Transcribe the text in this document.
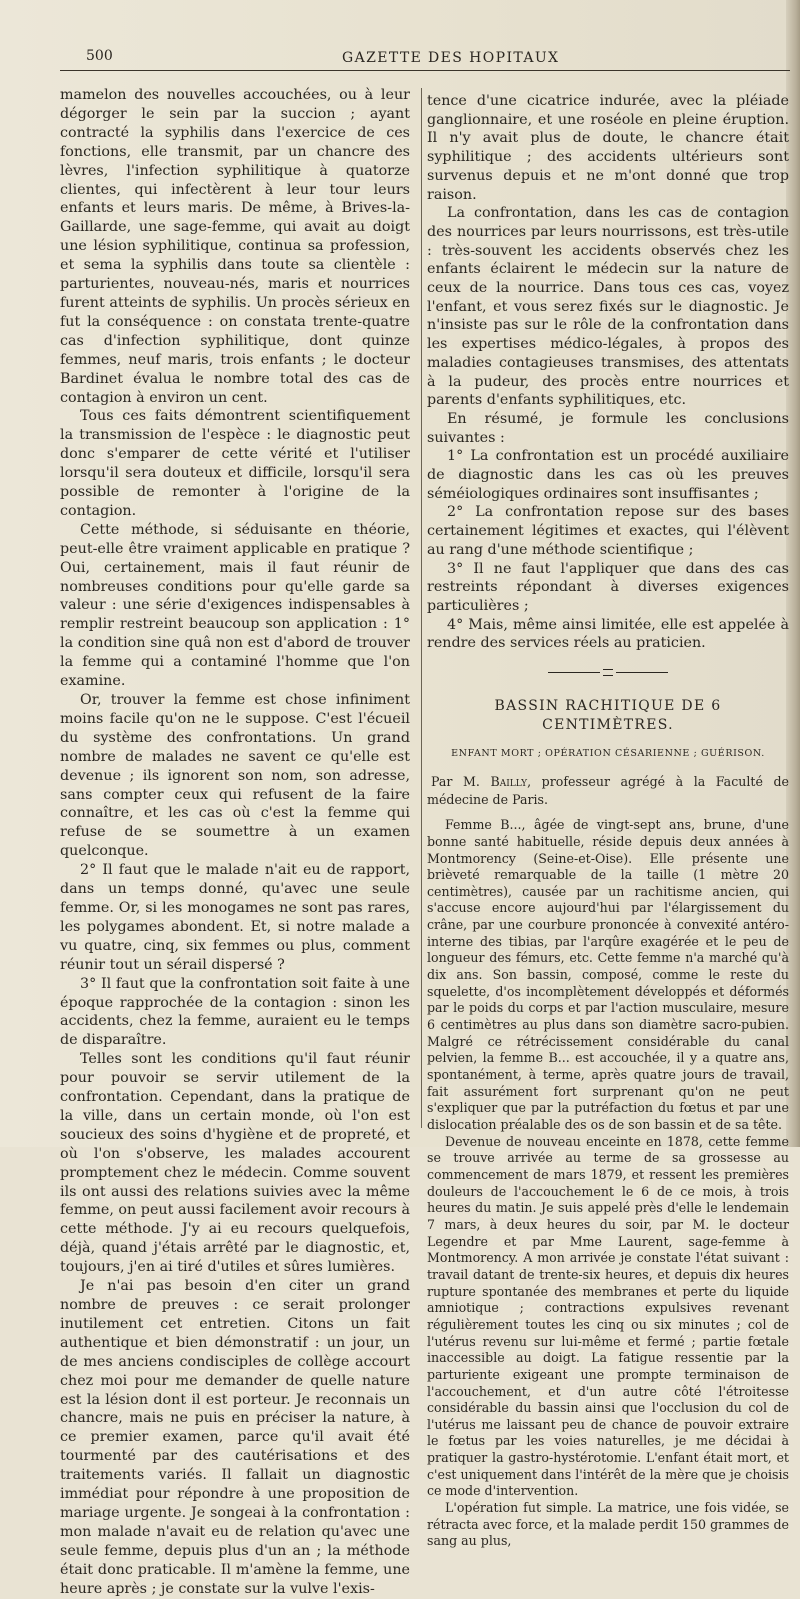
500	GAZETTE DES HOPITAUX

mamelon des nouvelles accouchées, ou à leur dégorger le sein par la succion ; ayant contracté la syphilis dans l'exercice de ces fonctions, elle transmit, par un chancre des lèvres, l'infection syphilitique à quatorze clientes, qui infectèrent à leur tour leurs enfants et leurs maris. De même, à Brives-la-Gaillarde, une sage-femme, qui avait au doigt une lésion syphilitique, continua sa profession, et sema la syphilis dans toute sa clientèle : parturientes, nouveau-nés, maris et nourrices furent atteints de syphilis. Un procès sérieux en fut la conséquence : on constata trente-quatre cas d'infection syphilitique, dont quinze femmes, neuf maris, trois enfants ; le docteur Bardinet évalua le nombre total des cas de contagion à environ un cent.

Tous ces faits démontrent scientifiquement la transmission de l'espèce : le diagnostic peut donc s'emparer de cette vérité et l'utiliser lorsqu'il sera douteux et difficile, lorsqu'il sera possible de remonter à l'origine de la contagion.

Cette méthode, si séduisante en théorie, peut-elle être vraiment applicable en pratique ? Oui, certainement, mais il faut réunir de nombreuses conditions pour qu'elle garde sa valeur : une série d'exigences indispensables à remplir restreint beaucoup son application : 1° la condition sine quâ non est d'abord de trouver la femme qui a contaminé l'homme que l'on examine.

Or, trouver la femme est chose infiniment moins facile qu'on ne le suppose. C'est l'écueil du système des confrontations. Un grand nombre de malades ne savent ce qu'elle est devenue ; ils ignorent son nom, son adresse, sans compter ceux qui refusent de la faire connaître, et les cas où c'est la femme qui refuse de se soumettre à un examen quelconque.

2° Il faut que le malade n'ait eu de rapport, dans un temps donné, qu'avec une seule femme. Or, si les monogames ne sont pas rares, les polygames abondent. Et, si notre malade a vu quatre, cinq, six femmes ou plus, comment réunir tout un sérail dispersé ?

3° Il faut que la confrontation soit faite à une époque rapprochée de la contagion : sinon les accidents, chez la femme, auraient eu le temps de disparaître.

Telles sont les conditions qu'il faut réunir pour pouvoir se servir utilement de la confrontation. Cependant, dans la pratique de la ville, dans un certain monde, où l'on est soucieux des soins d'hygiène et de propreté, et où l'on s'observe, les malades accourent promptement chez le médecin. Comme souvent ils ont aussi des relations suivies avec la même femme, on peut aussi facilement avoir recours à cette méthode. J'y ai eu recours quelquefois, déjà, quand j'étais arrêté par le diagnostic, et, toujours, j'en ai tiré d'utiles et sûres lumières.

Je n'ai pas besoin d'en citer un grand nombre de preuves : ce serait prolonger inutilement cet entretien. Citons un fait authentique et bien démonstratif : un jour, un de mes anciens condisciples de collège accourt chez moi pour me demander de quelle nature est la lésion dont il est porteur. Je reconnais un chancre, mais ne puis en préciser la nature, à ce premier examen, parce qu'il avait été tourmenté par des cautérisations et des traitements variés. Il fallait un diagnostic immédiat pour répondre à une proposition de mariage urgente. Je songeai à la confrontation : mon malade n'avait eu de relation qu'avec une seule femme, depuis plus d'un an ; la méthode était donc praticable. Il m'amène la femme, une heure après ; je constate sur la vulve l'exis-

tence d'une cicatrice indurée, avec la pléiade ganglionnaire, et une roséole en pleine éruption. Il n'y avait plus de doute, le chancre était syphilitique ; des accidents ultérieurs sont survenus depuis et ne m'ont donné que trop raison.

La confrontation, dans les cas de contagion des nourrices par leurs nourrissons, est très-utile : très-souvent les accidents observés chez les enfants éclairent le médecin sur la nature de ceux de la nourrice. Dans tous ces cas, voyez l'enfant, et vous serez fixés sur le diagnostic. Je n'insiste pas sur le rôle de la confrontation dans les expertises médico-légales, à propos des maladies contagieuses transmises, des attentats à la pudeur, des procès entre nourrices et parents d'enfants syphilitiques, etc.

En résumé, je formule les conclusions suivantes :

1° La confrontation est un procédé auxiliaire de diagnostic dans les cas où les preuves séméiologiques ordinaires sont insuffisantes ;

2° La confrontation repose sur des bases certainement légitimes et exactes, qui l'élèvent au rang d'une méthode scientifique ;

3° Il ne faut l'appliquer que dans des cas restreints répondant à diverses exigences particulières ;

4° Mais, même ainsi limitée, elle est appelée à rendre des services réels au praticien.

BASSIN RACHITIQUE DE 6 CENTIMÈTRES.
ENFANT MORT ; OPÉRATION CÉSARIENNE ; GUÉRISON.
Par M. Bailly, professeur agrégé à la Faculté de médecine de Paris.

Femme B..., âgée de vingt-sept ans, brune, d'une bonne santé habituelle, réside depuis deux années à Montmorency (Seine-et-Oise). Elle présente une brièveté remarquable de la taille (1 mètre 20 centimètres), causée par un rachitisme ancien, qui s'accuse encore aujourd'hui par l'élargissement du crâne, par une courbure prononcée à convexité antéro-interne des tibias, par l'arqûre exagérée et le peu de longueur des fémurs, etc. Cette femme n'a marché qu'à dix ans. Son bassin, composé, comme le reste du squelette, d'os incomplètement développés et déformés par le poids du corps et par l'action musculaire, mesure 6 centimètres au plus dans son diamètre sacro-pubien. Malgré ce rétrécissement considérable du canal pelvien, la femme B... est accouchée, il y a quatre ans, spontanément, à terme, après quatre jours de travail, fait assurément fort surprenant qu'on ne peut s'expliquer que par la putréfaction du fœtus et par une dislocation préalable des os de son bassin et de sa tête.

Devenue de nouveau enceinte en 1878, cette femme se trouve arrivée au terme de sa grossesse au commencement de mars 1879, et ressent les premières douleurs de l'accouchement le 6 de ce mois, à trois heures du matin. Je suis appelé près d'elle le lendemain 7 mars, à deux heures du soir, par M. le docteur Legendre et par Mme Laurent, sage-femme à Montmorency. A mon arrivée je constate l'état suivant : travail datant de trente-six heures, et depuis dix heures rupture spontanée des membranes et perte du liquide amniotique ; contractions expulsives revenant régulièrement toutes les cinq ou six minutes ; col de l'utérus revenu sur lui-même et fermé ; partie fœtale inaccessible au doigt. La fatigue ressentie par la parturiente exigeant une prompte terminaison de l'accouchement, et d'un autre côté l'étroitesse considérable du bassin ainsi que l'occlusion du col de l'utérus me laissant peu de chance de pouvoir extraire le fœtus par les voies naturelles, je me décidai à pratiquer la gastro-hystérotomie. L'enfant était mort, et c'est uniquement dans l'intérêt de la mère que je choisis ce mode d'intervention.

L'opération fut simple. La matrice, une fois vidée, se rétracta avec force, et la malade perdit 150 grammes de sang au plus,
